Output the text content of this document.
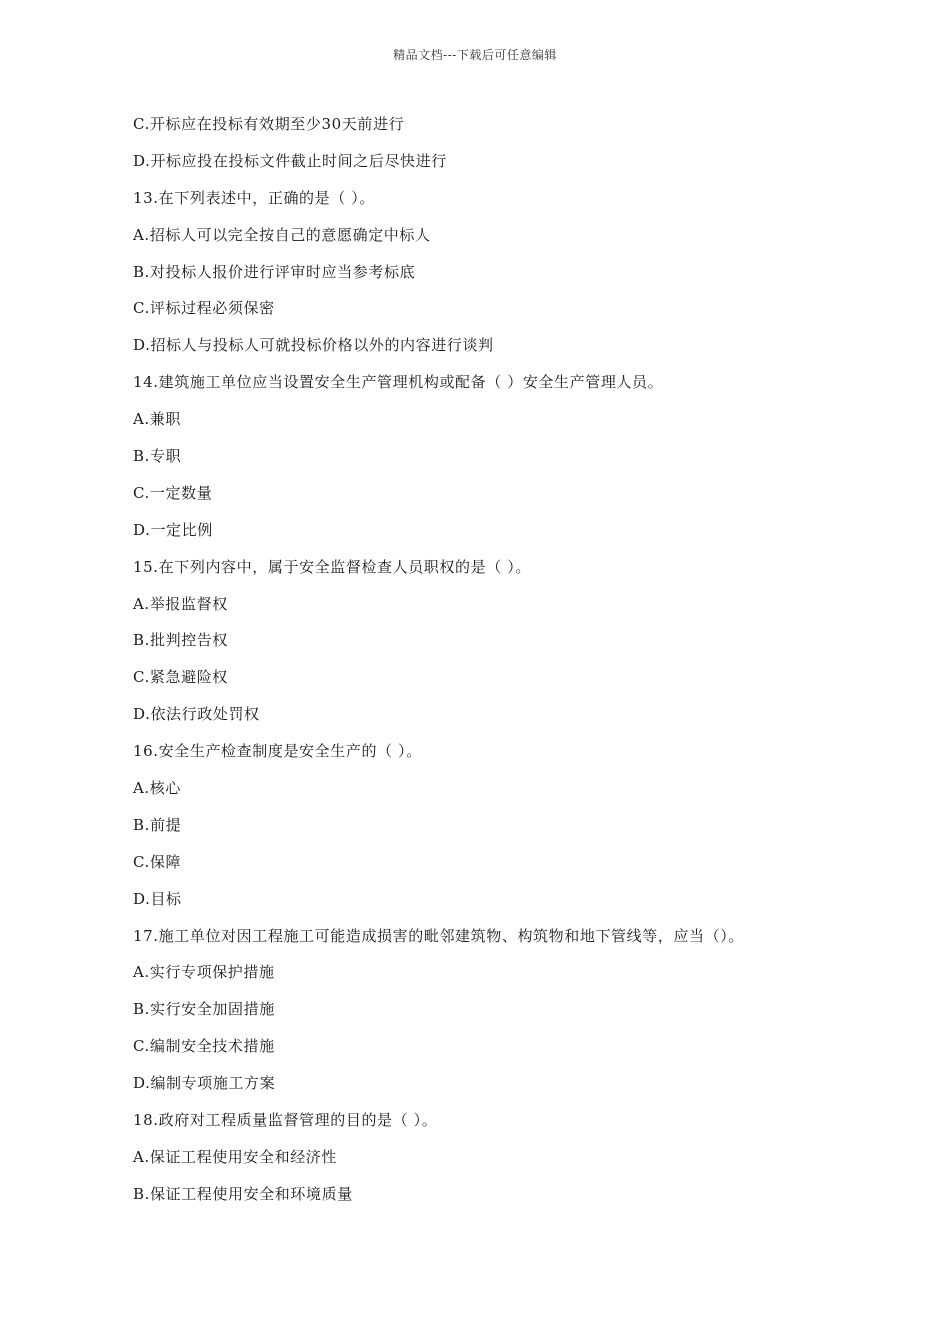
精品文档---下载后可任意编辑
C.开标应在投标有效期至少30天前进行
D.开标应投在投标文件截止时间之后尽快进行
13.在下列表述中，正确的是（ ）。
A.招标人可以完全按自己的意愿确定中标人
B.对投标人报价进行评审时应当参考标底
C.评标过程必须保密
D.招标人与投标人可就投标价格以外的内容进行谈判
14.建筑施工单位应当设置安全生产管理机构或配备（ ）安全生产管理人员。
A.兼职
B.专职
C.一定数量
D.一定比例
15.在下列内容中，属于安全监督检查人员职权的是（ ）。
A.举报监督权
B.批判控告权
C.紧急避险权
D.依法行政处罚权
16.安全生产检查制度是安全生产的（ ）。
A.核心
B.前提
C.保障
D.目标
17.施工单位对因工程施工可能造成损害的毗邻建筑物、构筑物和地下管线等，应当（）。
A.实行专项保护措施
B.实行安全加固措施
C.编制安全技术措施
D.编制专项施工方案
18.政府对工程质量监督管理的目的是（ ）。
A.保证工程使用安全和经济性
B.保证工程使用安全和环境质量
